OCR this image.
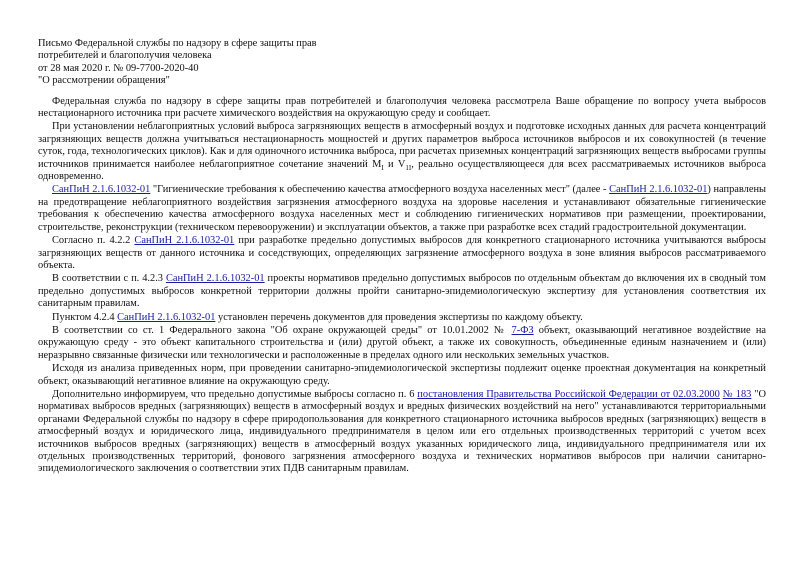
Письмо Федеральной службы по надзору в сфере защиты прав
потребителей и благополучия человека
от 28 мая 2020 г. № 09-7700-2020-40
"О рассмотрении обращения"

Федеральная служба по надзору в сфере защиты прав потребителей и благополучия человека рассмотрела Ваше обращение по вопросу учета выбросов нестационарного источника при расчете химического воздействия на окружающую среду и сообщает.

При установлении неблагоприятных условий выброса загрязняющих веществ в атмосферный воздух и подготовке исходных данных для расчета концентраций загрязняющих веществ должна учитываться нестационарность мощностей и других параметров выброса источников выбросов и их совокупностей (в течение суток, года, технологических циклов). Как и для одиночного источника выброса, при расчетах приземных концентраций загрязняющих веществ выбросами группы источников принимается наиболее неблагоприятное сочетание значений $M_I$ и $V_{1I}$, реально осуществляющееся для всех рассматриваемых источников выброса одновременно.

СанПиН 2.1.6.1032-01 "Гигиенические требования к обеспечению качества атмосферного воздуха населенных мест" (далее - СанПиН 2.1.6.1032-01) направлены на предотвращение неблагоприятного воздействия загрязнения атмосферного воздуха на здоровье населения и устанавливают обязательные гигиенические требования к обеспечению качества атмосферного воздуха населенных мест и соблюдению гигиенических нормативов при размещении, проектировании, строительстве, реконструкции (техническом перевооружении) и эксплуатации объектов, а также при разработке всех стадий градостроительной документации.

Согласно п. 4.2.2 СанПиН 2.1.6.1032-01 при разработке предельно допустимых выбросов для конкретного стационарного источника учитываются выбросы загрязняющих веществ от данного источника и соседствующих, определяющих загрязнение атмосферного воздуха в зоне влияния выбросов рассматриваемого объекта.

В соответствии с п. 4.2.3 СанПиН 2.1.6.1032-01 проекты нормативов предельно допустимых выбросов по отдельным объектам до включения их в сводный том предельно допустимых выбросов конкретной территории должны пройти санитарно-эпидемиологическую экспертизу для установления соответствия их санитарным правилам.

Пунктом 4.2.4 СанПиН 2.1.6.1032-01 установлен перечень документов для проведения экспертизы по каждому объекту.

В соответствии со ст. 1 Федерального закона "Об охране окружающей среды" от 10.01.2002 № 7-ФЗ объект, оказывающий негативное воздействие на окружающую среду - это объект капитального строительства и (или) другой объект, а также их совокупность, объединенные единым назначением и (или) неразрывно связанные физически или технологически и расположенные в пределах одного или нескольких земельных участков.

Исходя из анализа приведенных норм, при проведении санитарно-эпидемиологической экспертизы подлежит оценке проектная документация на конкретный объект, оказывающий негативное влияние на окружающую среду.

Дополнительно информируем, что предельно допустимые выбросы согласно п. 6 постановления Правительства Российской Федерации от 02.03.2000 № 183 "О нормативах выбросов вредных (загрязняющих) веществ в атмосферный воздух и вредных физических воздействий на него" устанавливаются территориальными органами Федеральной службы по надзору в сфере природопользования для конкретного стационарного источника выбросов вредных (загрязняющих) веществ в атмосферный воздух и юридического лица, индивидуального предпринимателя в целом или его отдельных производственных территорий с учетом всех источников выбросов вредных (загрязняющих) веществ в атмосферный воздух указанных юридического лица, индивидуального предпринимателя или их отдельных производственных территорий, фонового загрязнения атмосферного воздуха и технических нормативов выбросов при наличии санитарно-эпидемиологического заключения о соответствии этих ПДВ санитарным правилам.
